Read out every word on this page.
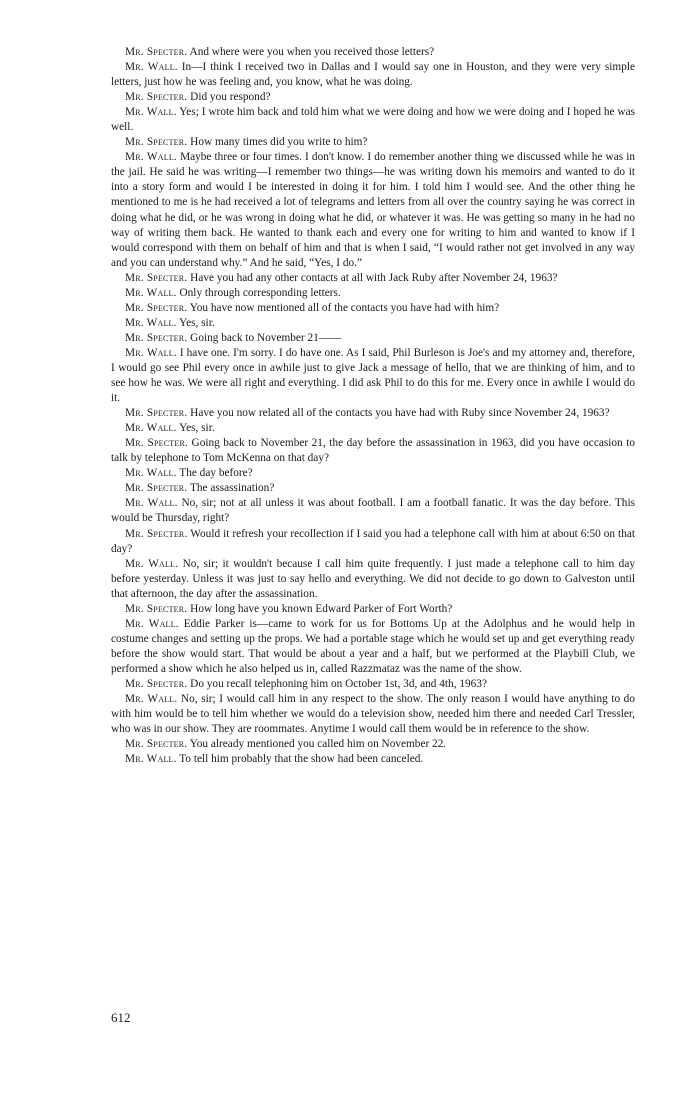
Mr. Specter. And where were you when you received those letters?

Mr. Wall. In—I think I received two in Dallas and I would say one in Houston, and they were very simple letters, just how he was feeling and, you know, what he was doing.

Mr. Specter. Did you respond?

Mr. Wall. Yes; I wrote him back and told him what we were doing and how we were doing and I hoped he was well.

Mr. Specter. How many times did you write to him?

Mr. Wall. Maybe three or four times. I don't know. I do remember another thing we discussed while he was in the jail. He said he was writing—I remember two things—he was writing down his memoirs and wanted to do it into a story form and would I be interested in doing it for him. I told him I would see. And the other thing he mentioned to me is he had received a lot of telegrams and letters from all over the country saying he was correct in doing what he did, or he was wrong in doing what he did, or whatever it was. He was getting so many in he had no way of writing them back. He wanted to thank each and every one for writing to him and wanted to know if I would correspond with them on behalf of him and that is when I said, “I would rather not get involved in any way and you can understand why.” And he said, “Yes, I do.”

Mr. Specter. Have you had any other contacts at all with Jack Ruby after November 24, 1963?

Mr. Wall. Only through corresponding letters.

Mr. Specter. You have now mentioned all of the contacts you have had with him?

Mr. Wall. Yes, sir.

Mr. Specter. Going back to November 21——

Mr. Wall. I have one. I'm sorry. I do have one. As I said, Phil Burleson is Joe's and my attorney and, therefore, I would go see Phil every once in awhile just to give Jack a message of hello, that we are thinking of him, and to see how he was. We were all right and everything. I did ask Phil to do this for me. Every once in awhile I would do it.

Mr. Specter. Have you now related all of the contacts you have had with Ruby since November 24, 1963?

Mr. Wall. Yes, sir.

Mr. Specter. Going back to November 21, the day before the assassination in 1963, did you have occasion to talk by telephone to Tom McKenna on that day?

Mr. Wall. The day before?

Mr. Specter. The assassination?

Mr. Wall. No, sir; not at all unless it was about football. I am a football fanatic. It was the day before. This would be Thursday, right?

Mr. Specter. Would it refresh your recollection if I said you had a telephone call with him at about 6:50 on that day?

Mr. Wall. No, sir; it wouldn't because I call him quite frequently. I just made a telephone call to him day before yesterday. Unless it was just to say hello and everything. We did not decide to go down to Galveston until that afternoon, the day after the assassination.

Mr. Specter. How long have you known Edward Parker of Fort Worth?

Mr. Wall. Eddie Parker is—came to work for us for Bottoms Up at the Adolphus and he would help in costume changes and setting up the props. We had a portable stage which he would set up and get everything ready before the show would start. That would be about a year and a half, but we performed at the Playbill Club, we performed a show which he also helped us in, called Razzmataz was the name of the show.

Mr. Specter. Do you recall telephoning him on October 1st, 3d, and 4th, 1963?

Mr. Wall. No, sir; I would call him in any respect to the show. The only reason I would have anything to do with him would be to tell him whether we would do a television show, needed him there and needed Carl Tressler, who was in our show. They are roommates. Anytime I would call them would be in reference to the show.

Mr. Specter. You already mentioned you called him on November 22.

Mr. Wall. To tell him probably that the show had been canceled.

612
